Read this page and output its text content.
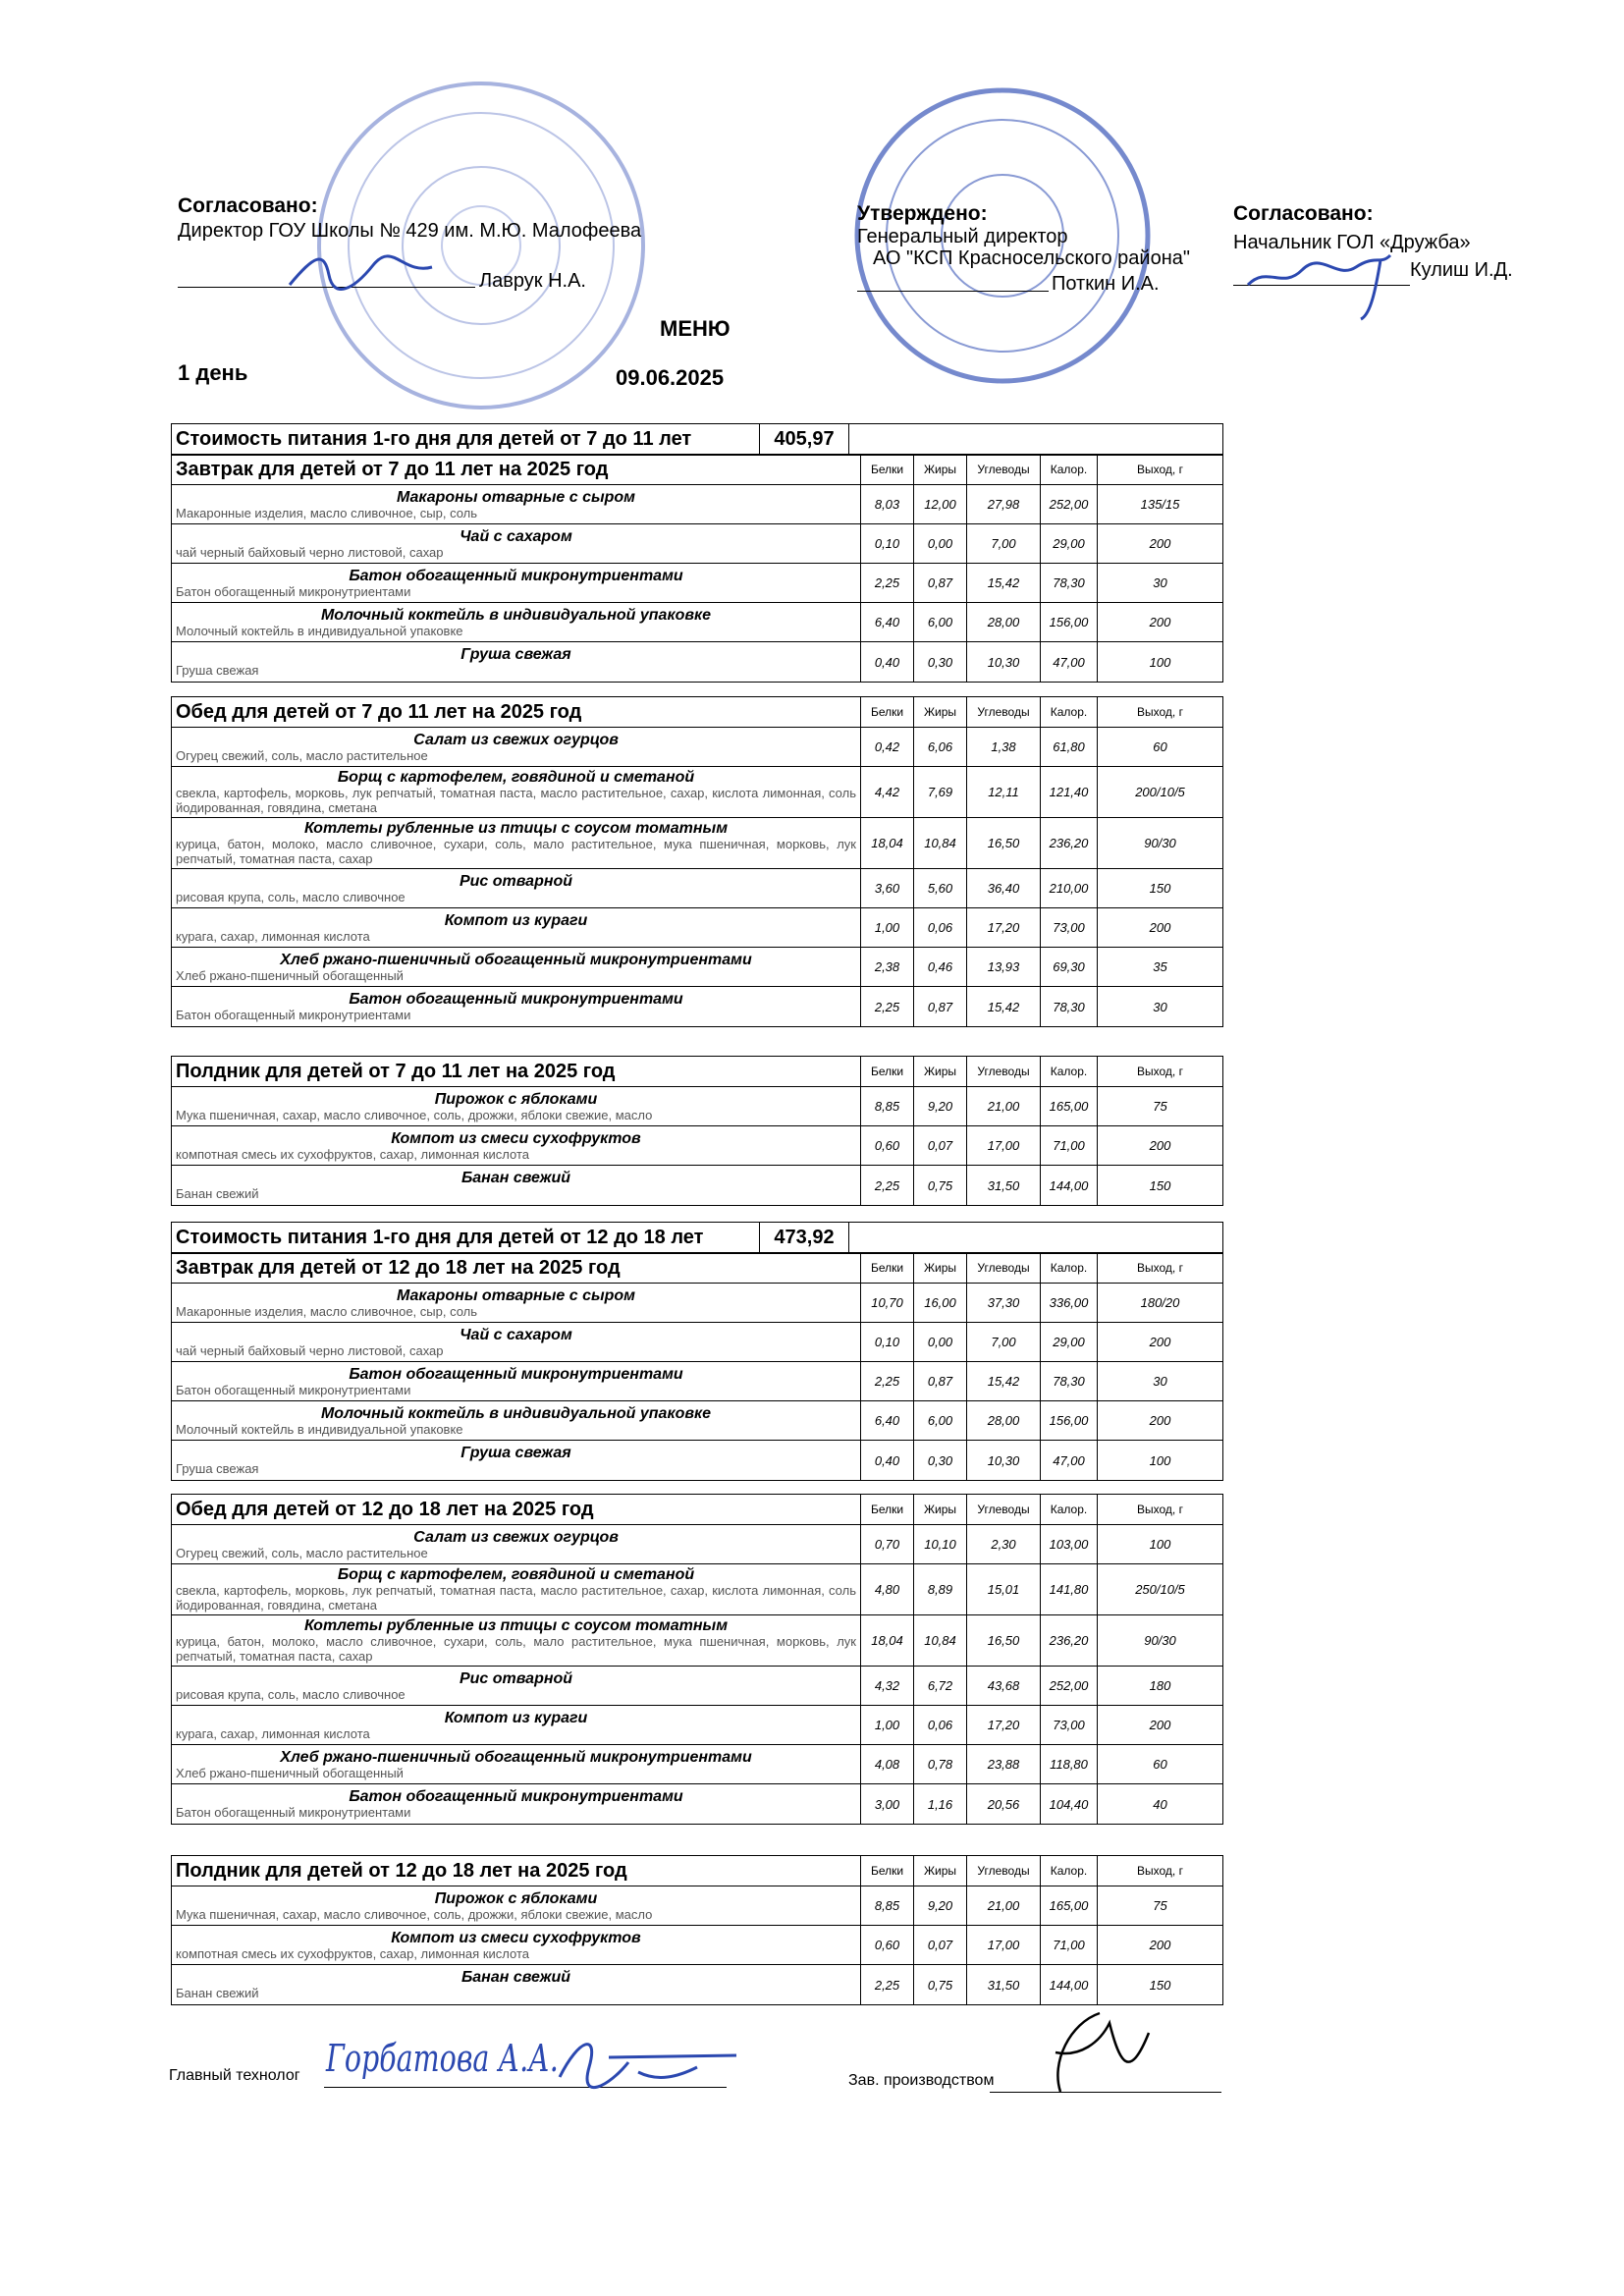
Согласовано:
Директор ГОУ Школы № 429 им. М.Ю. Малофеева
Лаврук Н.А.
Утверждено:
Генеральный директор
АО "КСП Красносельского района"
Поткин И.А.
Согласовано:
Начальник ГОЛ «Дружба»
Кулиш И.Д.
МЕНЮ
1 день	09.06.2025
Стоимость питания 1-го дня для детей от 7 до 11 лет	405,97
Стоимость питания 1-го дня для детей от 12 до 18 лет	473,92
Завтрак для детей от 7 до 11 лет на 2025 год	Белки	Жиры	Углеводы	Калор.	Выход, г
Макароны отварные с сыром
Макаронные изделия, масло сливочное, сыр, соль
8,03	12,00	27,98	252,00	135/15
Чай с сахаром
чай черный байховый черно листовой, сахар
0,10	0,00	7,00	29,00	200
Батон обогащенный микронутриентами
Батон обогащенный микронутриентами
2,25	0,87	15,42	78,30	30
Молочный коктейль в индивидуальной упаковке
Молочный коктейль в индивидуальной упаковке
6,40	6,00	28,00	156,00	200
Груша свежая
Груша свежая
0,40	0,30	10,30	47,00	100
Обед для детей от 7 до 11 лет на 2025 год	Белки	Жиры	Углеводы	Калор.	Выход, г
Салат из свежих огурцов
Огурец свежий, соль, масло растительное
0,42	6,06	1,38	61,80	60
Борщ с картофелем, говядиной и сметаной
свекла, картофель, морковь, лук репчатый, томатная паста, масло растительное, сахар, кислота лимонная, соль йодированная, говядина, сметана
4,42	7,69	12,11	121,40	200/10/5
Котлеты рубленные из птицы с соусом томатным
курица, батон, молоко, масло сливочное, сухари, соль, мало растительное, мука пшеничная, морковь, лук репчатый, томатная паста, сахар
18,04	10,84	16,50	236,20	90/30
Рис отварной
рисовая крупа, соль, масло сливочное
3,60	5,60	36,40	210,00	150
Компот из кураги
курага, сахар, лимонная кислота
1,00	0,06	17,20	73,00	200
Хлеб ржано-пшеничный обогащенный микронутриентами
Хлеб ржано-пшеничный обогащенный
2,38	0,46	13,93	69,30	35
Батон обогащенный микронутриентами
Батон обогащенный микронутриентами
2,25	0,87	15,42	78,30	30
Полдник для детей от 7 до 11 лет на 2025 год	Белки	Жиры	Углеводы	Калор.	Выход, г
Пирожок с яблоками
Мука пшеничная, сахар, масло сливочное, соль, дрожжи, яблоки свежие, масло
8,85	9,20	21,00	165,00	75
Компот из смеси сухофруктов
компотная смесь их сухофруктов, сахар, лимонная кислота
0,60	0,07	17,00	71,00	200
Банан свежий
Банан свежий
2,25	0,75	31,50	144,00	150
Завтрак для детей от 12 до 18 лет на 2025 год	Белки	Жиры	Углеводы	Калор.	Выход, г
Макароны отварные с сыром
Макаронные изделия, масло сливочное, сыр, соль
10,70	16,00	37,30	336,00	180/20
Чай с сахаром
чай черный байховый черно листовой, сахар
0,10	0,00	7,00	29,00	200
Батон обогащенный микронутриентами
Батон обогащенный микронутриентами
2,25	0,87	15,42	78,30	30
Молочный коктейль в индивидуальной упаковке
Молочный коктейль в индивидуальной упаковке
6,40	6,00	28,00	156,00	200
Груша свежая
Груша свежая
0,40	0,30	10,30	47,00	100
Обед для детей от 12 до 18 лет на 2025 год	Белки	Жиры	Углеводы	Калор.	Выход, г
Салат из свежих огурцов
Огурец свежий, соль, масло растительное
0,70	10,10	2,30	103,00	100
Борщ с картофелем, говядиной и сметаной
свекла, картофель, морковь, лук репчатый, томатная паста, масло растительное, сахар, кислота лимонная, соль йодированная, говядина, сметана
4,80	8,89	15,01	141,80	250/10/5
Котлеты рубленные из птицы с соусом томатным
курица, батон, молоко, масло сливочное, сухари, соль, мало растительное, мука пшеничная, морковь, лук репчатый, томатная паста, сахар
18,04	10,84	16,50	236,20	90/30
Рис отварной
рисовая крупа, соль, масло сливочное
4,32	6,72	43,68	252,00	180
Компот из кураги
курага, сахар, лимонная кислота
1,00	0,06	17,20	73,00	200
Хлеб ржано-пшеничный обогащенный микронутриентами
Хлеб ржано-пшеничный обогащенный
4,08	0,78	23,88	118,80	60
Батон обогащенный микронутриентами
Батон обогащенный микронутриентами
3,00	1,16	20,56	104,40	40
Полдник для детей от 12 до 18 лет на 2025 год	Белки	Жиры	Углеводы	Калор.	Выход, г
Пирожок с яблоками
Мука пшеничная, сахар, масло сливочное, соль, дрожжи, яблоки свежие, масло
8,85	9,20	21,00	165,00	75
Компот из смеси сухофруктов
компотная смесь их сухофруктов, сахар, лимонная кислота
0,60	0,07	17,00	71,00	200
Банан свежий
Банан свежий
2,25	0,75	31,50	144,00	150
Главный технолог Горбатова А.А.
Зав. производством
